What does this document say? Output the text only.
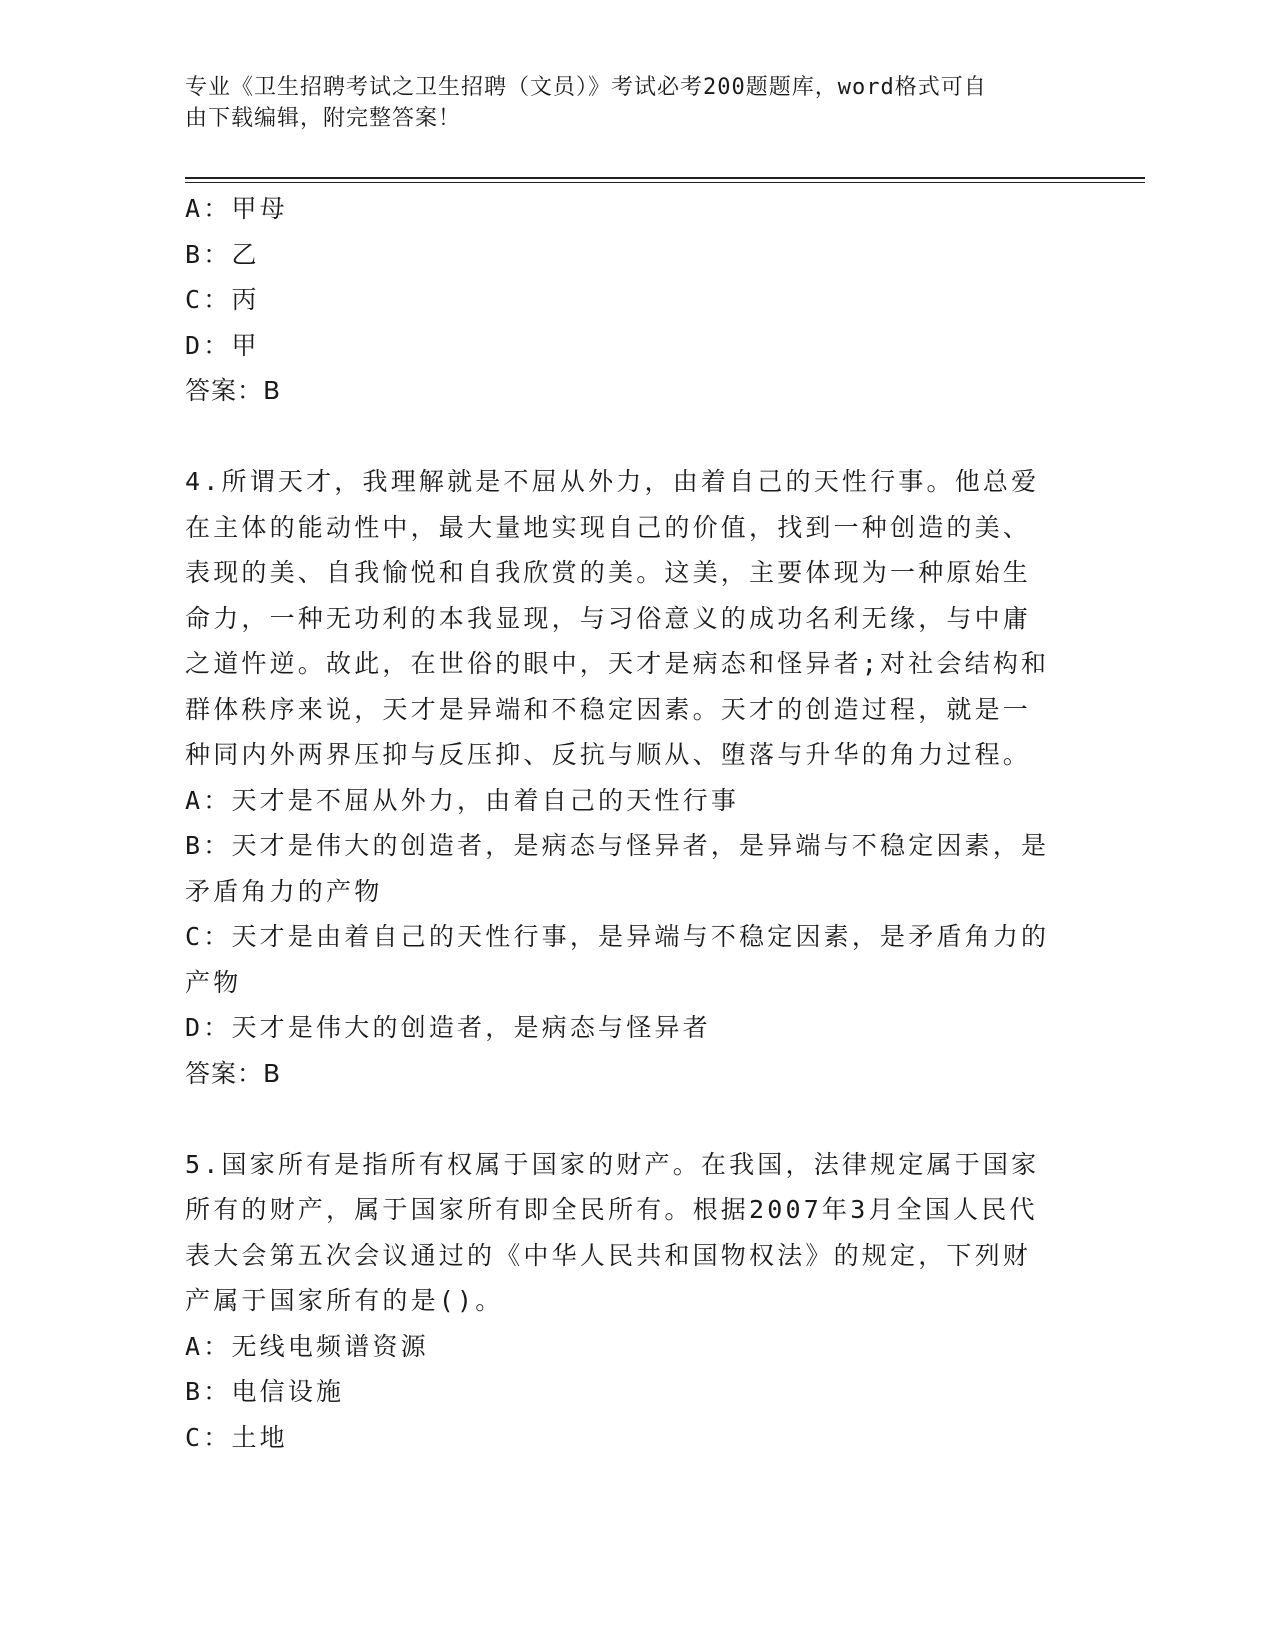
专业《卫生招聘考试之卫生招聘（文员）》考试必考200题题库，word格式可自
由下载编辑，附完整答案！
A：甲母
B：乙
C：丙
D：甲
答案：B
4.所谓天才，我理解就是不屈从外力，由着自己的天性行事。他总爱
在主体的能动性中，最大量地实现自己的价值，找到一种创造的美、
表现的美、自我愉悦和自我欣赏的美。这美，主要体现为一种原始生
命力，一种无功利的本我显现，与习俗意义的成功名利无缘，与中庸
之道忤逆。故此，在世俗的眼中，天才是病态和怪异者;对社会结构和
群体秩序来说，天才是异端和不稳定因素。天才的创造过程，就是一
种同内外两界压抑与反压抑、反抗与顺从、堕落与升华的角力过程。
A：天才是不屈从外力，由着自己的天性行事
B：天才是伟大的创造者，是病态与怪异者，是异端与不稳定因素，是
矛盾角力的产物
C：天才是由着自己的天性行事，是异端与不稳定因素，是矛盾角力的
产物
D：天才是伟大的创造者，是病态与怪异者
答案：B
5.国家所有是指所有权属于国家的财产。在我国，法律规定属于国家
所有的财产，属于国家所有即全民所有。根据2007年3月全国人民代
表大会第五次会议通过的《中华人民共和国物权法》的规定，下列财
产属于国家所有的是()。
A：无线电频谱资源
B：电信设施
C：土地
